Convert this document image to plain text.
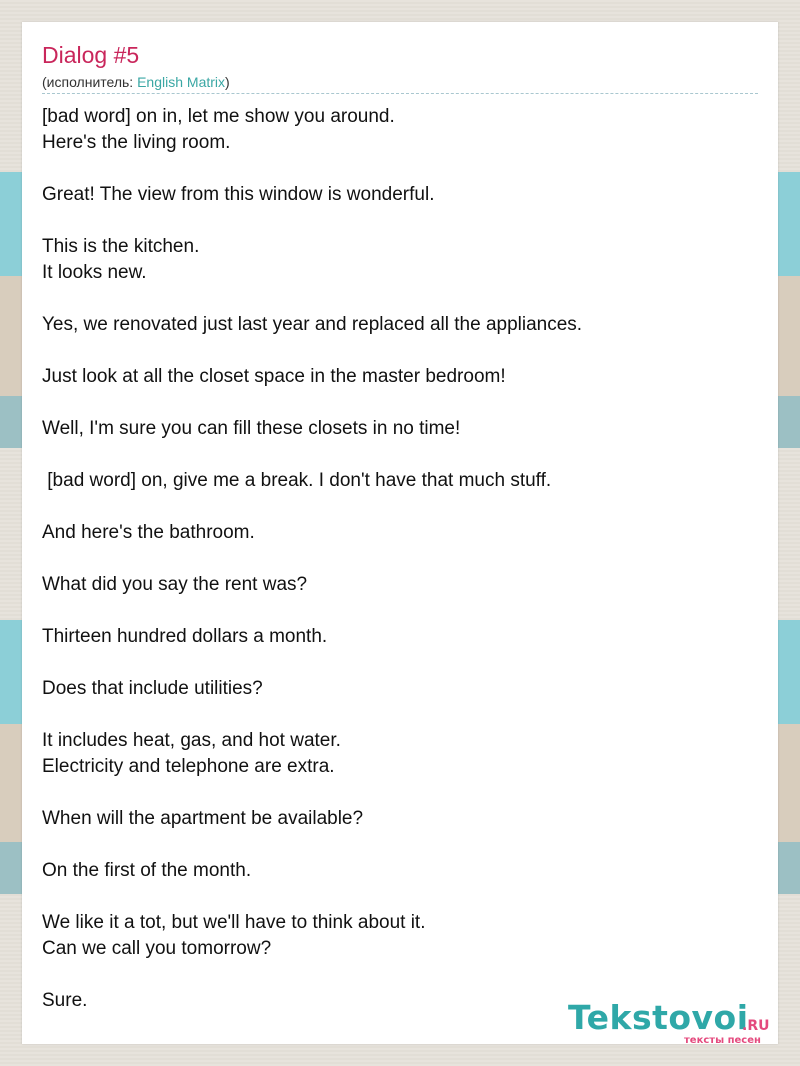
Dialog #5
(исполнитель: English Matrix)
[bad word] on in, let me show you around.
Here's the living room.
Great! The view from this window is wonderful.
This is the kitchen.
It looks new.
Yes, we renovated just last year and replaced all the appliances.
Just look at all the closet space in the master bedroom!
Well, I'm sure you can fill these closets in no time!
[bad word] on, give me a break. I don't have that much stuff.
And here's the bathroom.
What did you say the rent was?
Thirteen hundred dollars a month.
Does that include utilities?
It includes heat, gas, and hot water.
Electricity and telephone are extra.
When will the apartment be available?
On the first of the month.
We like it a tot, but we'll have to think about it.
Can we call you tomorrow?
Sure.	Tekstovoi
.RU
тексты песен
